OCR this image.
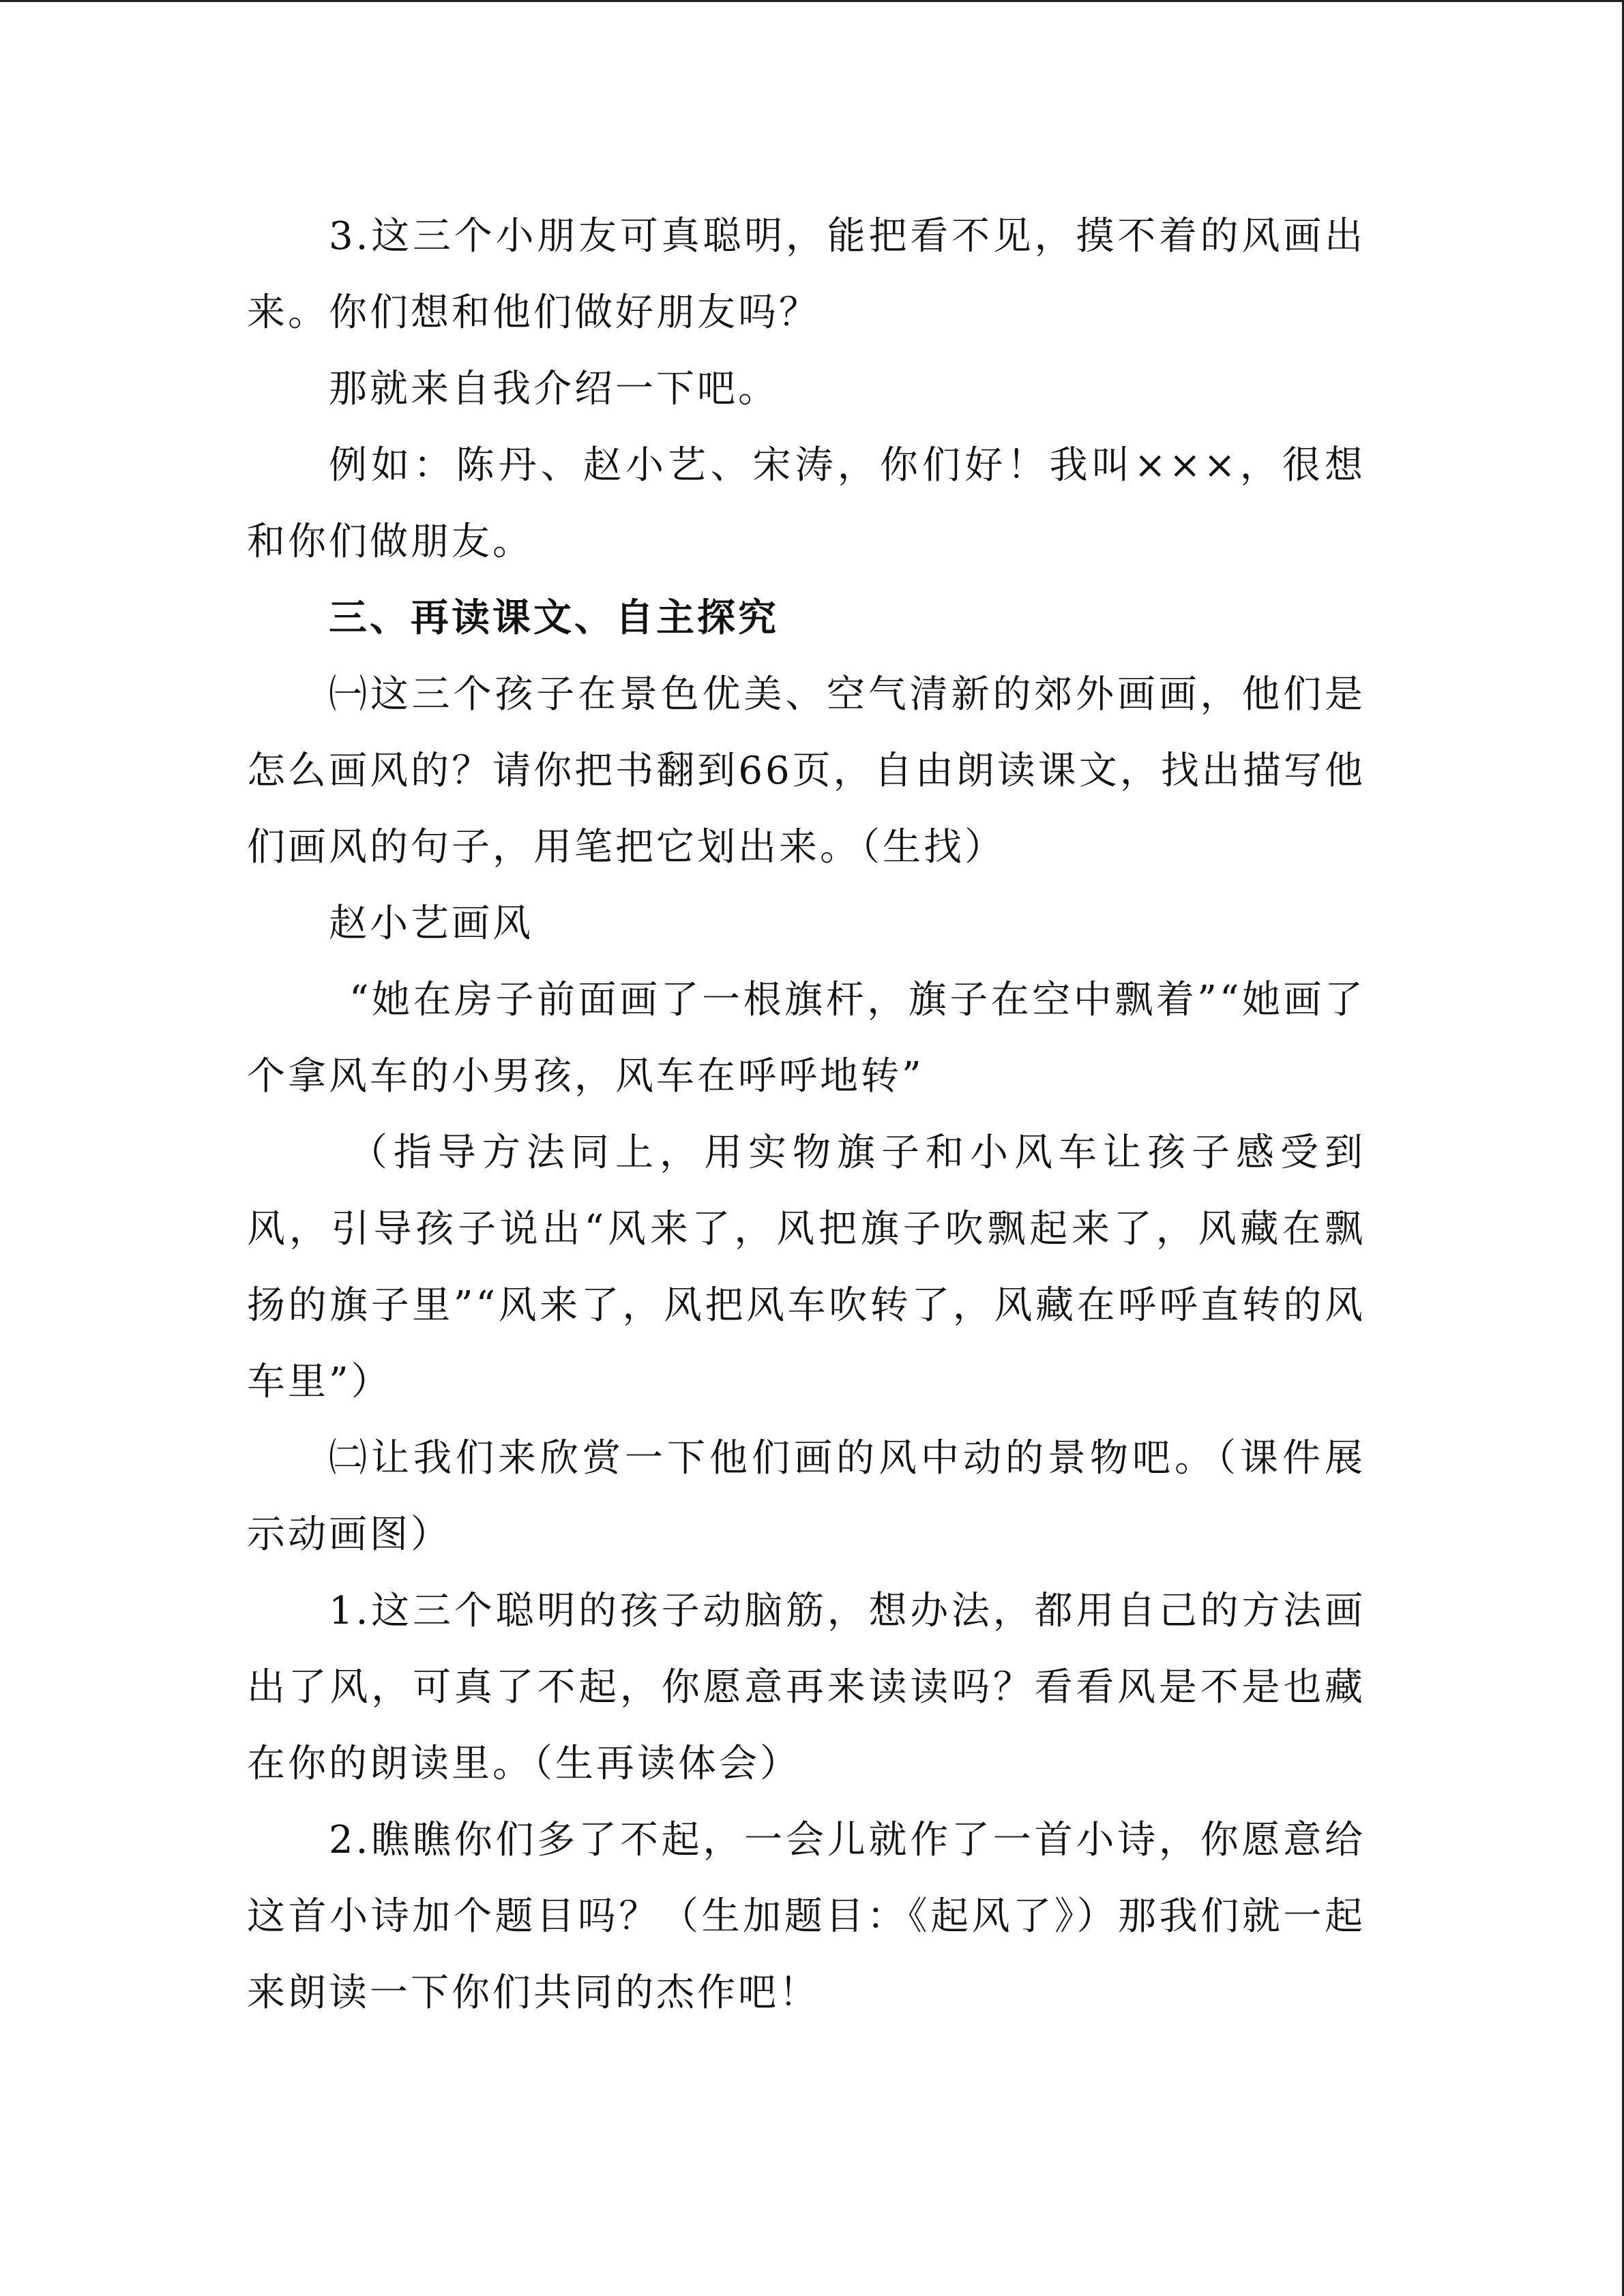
3.这三个小朋友可真聪明，能把看不见，摸不着的风画出来。你们想和他们做好朋友吗？

那就来自我介绍一下吧。

例如：陈丹、赵小艺、宋涛，你们好！我叫×××，很想和你们做朋友。

三、再读课文、自主探究

㈠这三个孩子在景色优美、空气清新的郊外画画，他们是怎么画风的？请你把书翻到66页，自由朗读课文，找出描写他们画风的句子，用笔把它划出来。（生找）

赵小艺画风

“她在房子前面画了一根旗杆，旗子在空中飘着”“她画了个拿风车的小男孩，风车在呼呼地转”

（指导方法同上，用实物旗子和小风车让孩子感受到风，引导孩子说出“风来了，风把旗子吹飘起来了，风藏在飘扬的旗子里”“风来了，风把风车吹转了，风藏在呼呼直转的风车里”）

㈡让我们来欣赏一下他们画的风中动的景物吧。（课件展示动画图）

1.这三个聪明的孩子动脑筋，想办法，都用自己的方法画出了风，可真了不起，你愿意再来读读吗？看看风是不是也藏在你的朗读里。（生再读体会）

2.瞧瞧你们多了不起，一会儿就作了一首小诗，你愿意给这首小诗加个题目吗？（生加题目：《起风了》）那我们就一起来朗读一下你们共同的杰作吧！
